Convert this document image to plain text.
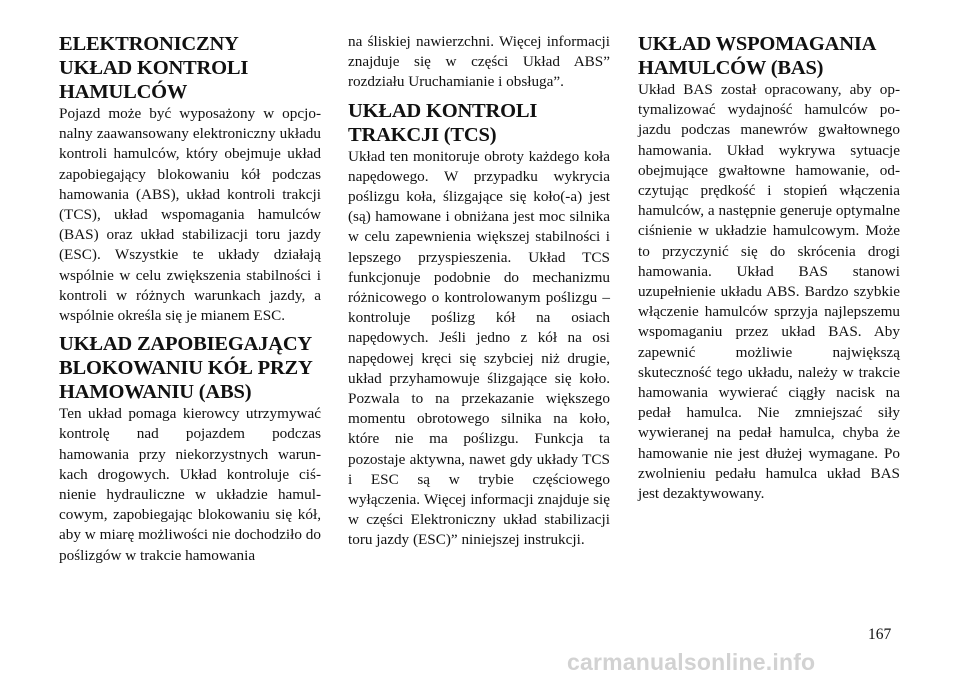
ELEKTRONICZNY
UKŁAD KONTROLI
HAMULCÓW

Pojazd może być wyposażony w opcjonalny zaawansowany elektroniczny układu kontroli hamulców, który obejmuje układ zapobiegający blokowaniu kół podczas hamowania (ABS), układ kontroli trakcji (TCS), układ wspomagania hamulców (BAS) oraz układ stabilizacji toru jazdy (ESC). Wszystkie te układy działają wspólnie w celu zwiększenia stabilności i kontroli w różnych warunkach jazdy, a wspólnie określa się je mianem ESC.

UKŁAD ZAPOBIEGAJĄCY
BLOKOWANIU KÓŁ PRZY
HAMOWANIU (ABS)

Ten układ pomaga kierowcy utrzymywać kontrolę nad pojazdem podczas hamowania przy niekorzystnych warunkach drogowych. Układ kontroluje ciśnienie hydrauliczne w układzie hamulcowym, zapobiegając blokowaniu się kół, aby w miarę możliwości nie dochodziło do poślizgów w trakcie hamowania

na śliskiej nawierzchni. Więcej informacji znajduje się w części Układ ABS” rozdziału Uruchamianie i obsługa”.

UKŁAD KONTROLI
TRAKCJI (TCS)

Układ ten monitoruje obroty każdego koła napędowego. W przypadku wykrycia poślizgu koła, ślizgające się koło(-a) jest (są) hamowane i obniżana jest moc silnika w celu zapewnienia większej stabilności i lepszego przyspieszenia. Układ TCS funkcjonuje podobnie do mechanizmu różnicowego o kontrolowanym poślizgu – kontroluje poślizg kół na osiach napędowych. Jeśli jedno z kół na osi napędowej kręci się szybciej niż drugie, układ przyhamowuje ślizgające się koło. Pozwala to na przekazanie większego momentu obrotowego silnika na koło, które nie ma poślizgu. Funkcja ta pozostaje aktywna, nawet gdy układy TCS i ESC są w trybie częściowego wyłączenia. Więcej informacji znajduje się w części Elektroniczny układ stabilizacji toru jazdy (ESC)” niniejszej instrukcji.

UKŁAD WSPOMAGANIA
HAMULCÓW (BAS)

Układ BAS został opracowany, aby optymalizować wydajność hamulców pojazdu podczas manewrów gwałtownego hamowania. Układ wykrywa sytuacje obejmujące gwałtowne hamowanie, odczytując prędkość i stopień włączenia hamulców, a następnie generuje optymalne ciśnienie w układzie hamulcowym. Może to przyczynić się do skrócenia drogi hamowania. Układ BAS stanowi uzupełnienie układu ABS. Bardzo szybkie włączenie hamulców sprzyja najlepszemu wspomaganiu przez układ BAS. Aby zapewnić możliwie największą skuteczność tego układu, należy w trakcie hamowania wywierać ciągły nacisk na pedał hamulca. Nie zmniejszać siły wywieranej na pedał hamulca, chyba że hamowanie nie jest dłużej wymagane. Po zwolnieniu pedału hamulca układ BAS jest dezaktywowany.

167
carmanualsonline.info
